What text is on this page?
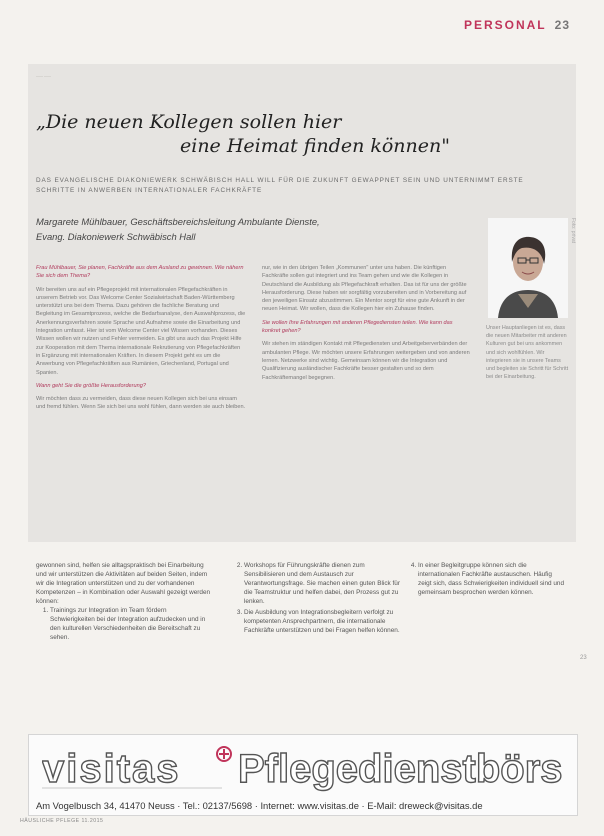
PERSONAL 23
——
„Die neuen Kollegen sollen hier
eine Heimat finden können"
DAS EVANGELISCHE DIAKONIEWERK SCHWÄBISCH HALL WILL FÜR DIE ZUKUNFT GEWAPPNET SEIN UND UNTERNIMMT ERSTE SCHRITTE IN ANWERBEN INTERNATIONALER FACHKRÄFTE
Margarete Mühlbauer, Geschäftsbereichsleitung Ambulante Dienste,
Evang. Diakoniewerk Schwäbisch Hall	Foto: privat
Unser Hauptanliegen ist es, dass die neuen Mitarbeiter mit anderen Kulturen gut bei uns ankommen und sich wohlfühlen. Wir integrieren sie in unsere Teams und begleiten sie Schritt für Schritt bei der Einarbeitung.

Frau Mühlbauer, Sie planen, Fachkräfte aus dem Ausland zu gewinnen. Wie nähern Sie sich dem Thema?

Wir bereiten uns auf ein Pflegeprojekt mit internationalen Pflegefachkräften in unserem Betrieb vor. Das Welcome Center Sozialwirtschaft Baden-Württemberg unterstützt uns bei dem Thema. Dazu gehören die fachliche Beratung und Begleitung im Gesamtprozess, welche die Bedarfsanalyse, den Auswahlprozess, die Anerkennungsverfahren sowie Sprache und Aufnahme sowie die Einarbeitung und Integration umfasst. Hier ist vom Welcome Center viel Wissen vorhanden. Dieses Wissen wollen wir nutzen und Fehler vermeiden. Es gibt uns auch das Projekt Hilfe zur Kooperation mit dem Thema internationale Rekrutierung von Pflegefachkräften in Ergänzung mit internationalen Kräften. In diesem Projekt geht es um die Anwerbung von Pflegefachkräften aus Rumänien, Griechenland, Portugal und Spanien.

Wann geht Sie die größte Herausforderung?

Wir möchten dass zu vermeiden, dass diese neuen Kollegen sich bei uns einsam und fremd fühlen. Wenn Sie sich bei uns wohl fühlen, dann werden sie auch bleiben.

nur, wie in den übrigen Teilen „Kommunen" unter uns haben. Die künftigen Fachkräfte sollen gut integriert und ins Team gehen und wie die Kollegen in Deutschland die Ausbildung als Pflegefachkraft erhalten. Das ist für uns der größte Herausforderung. Diese haben wir sorgfältig vorzubereiten und in Vorbereitung auf den jeweiligen Einsatz abzustimmen. Ein Mentor sorgt für eine gute Ankunft in der neuen Heimat. Wir wollen, dass die Kollegen hier ein Zuhause finden.

Sie wollen Ihre Erfahrungen mit anderen Pflegediensten teilen. Wie kann das konkret gehen?

Wir stehen im ständigen Kontakt mit Pflegediensten und Arbeitgeberverbänden der ambulanten Pflege. Wir möchten unsere Erfahrungen weitergeben und von anderen lernen. Netzwerke sind wichtig. Gemeinsam können wir die Integration und Qualifizierung ausländischer Fachkräfte besser gestalten und so dem Fachkräftemangel begegnen.

gewonnen sind, helfen sie alltagspraktisch bei Einarbeitung und wir unterstützen die Aktivitäten auf beiden Seiten, indem wir die Integration unterstützen und zu der vorhandenen Kompetenzen – in Kombination oder Auswahl gezeigt werden können:
1. Trainings zur Integration im Team fördern Schwierigkeiten bei der Integration aufzudecken und in den kulturellen Verschiedenheiten die Bereitschaft zu sehen.
2. Workshops für Führungskräfte dienen zum Sensibilisieren und dem Austausch zur Verantwortungsfrage. Sie machen einen guten Blick für die Teamstruktur und helfen dabei, den Prozess gut zu lenken.
3. Die Ausbildung von Integrationsbegleitern verfolgt zu kompetenten Ansprechpartnern, die internationale Fachkräfte unterstützen und bei Fragen helfen können.
4. In einer Begleitgruppe können sich die internationalen Fachkräfte austauschen. Häufig zeigt sich, dass Schwierigkeiten individuell sind und gemeinsam besprochen werden können.
23
visitas Pflegedienstbörse
Am Vogelbusch 34, 41470 Neuss · Tel.: 02137/5698 · Internet: www.visitas.de · E-Mail: dreweck@visitas.de
HÄUSLICHE PFLEGE 11.2015
